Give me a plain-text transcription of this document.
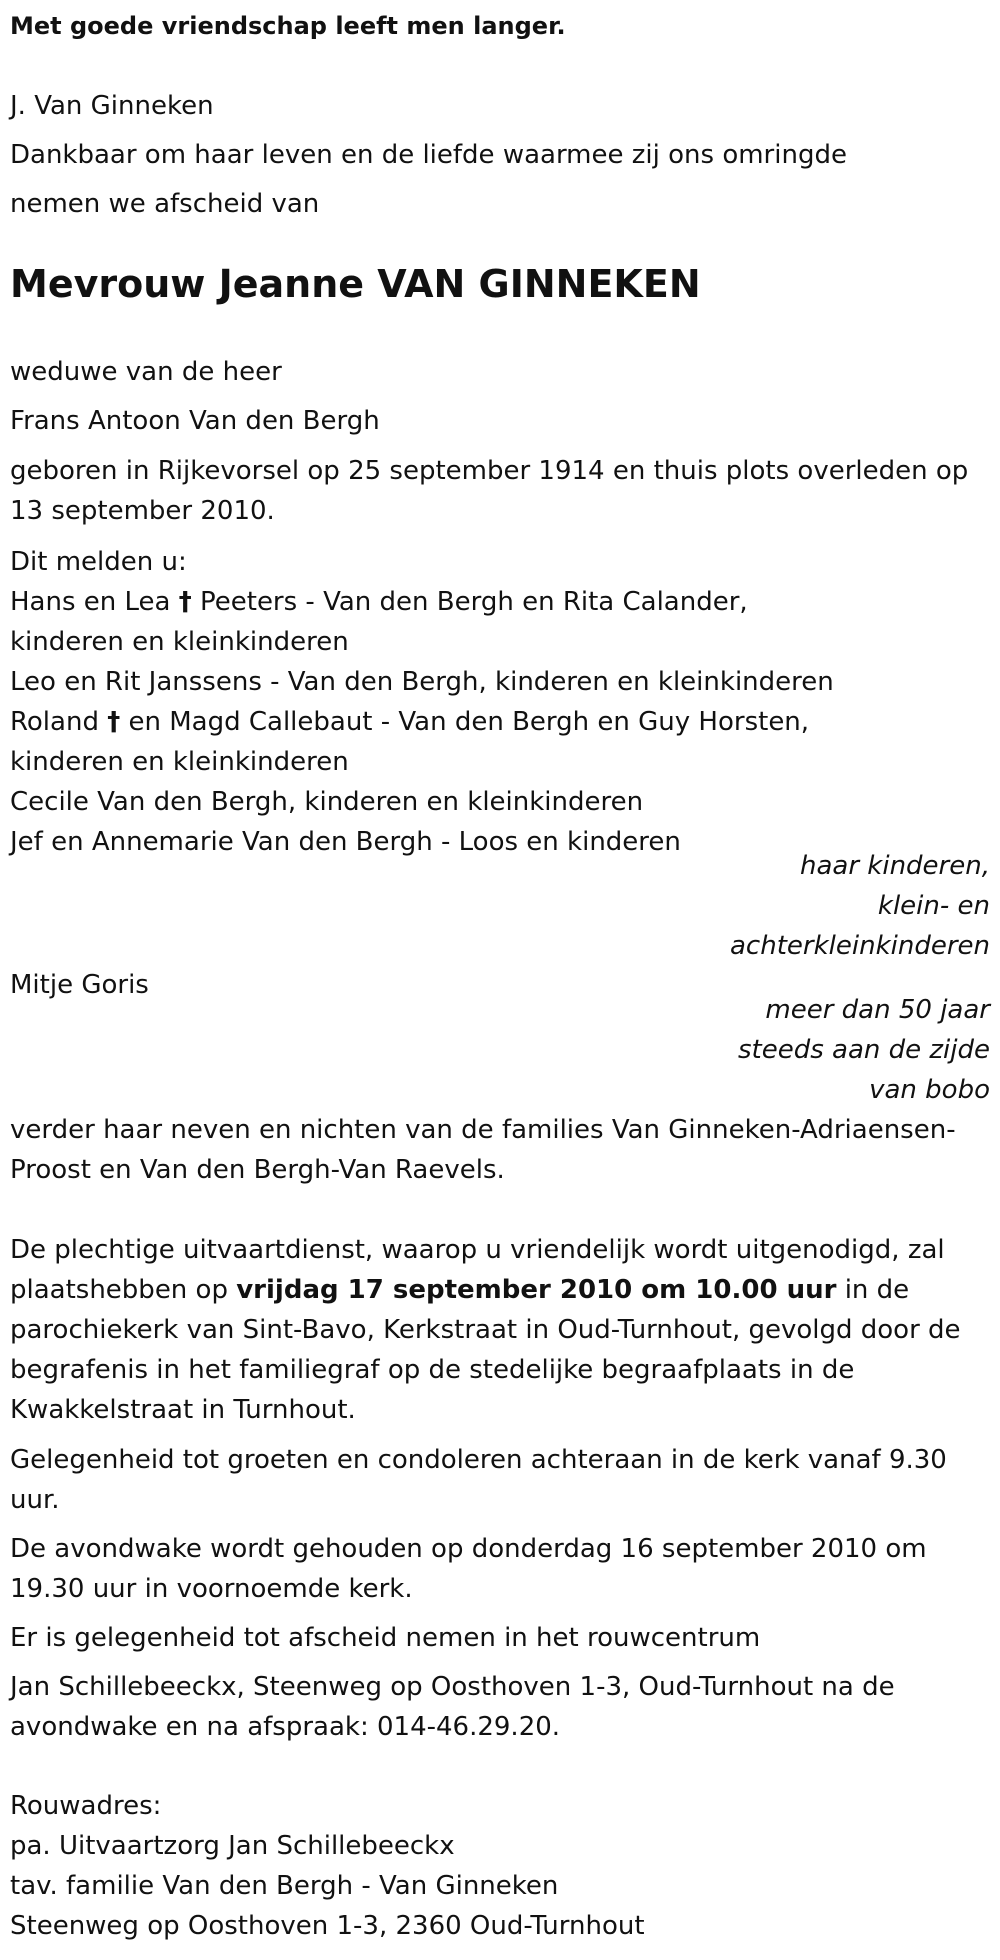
Met goede vriendschap leeft men langer.
J. Van Ginneken
Dankbaar om haar leven en de liefde waarmee zij ons omringde
nemen we afscheid van
Mevrouw Jeanne VAN GINNEKEN
weduwe van de heer
Frans Antoon Van den Bergh
geboren in Rijkevorsel op 25 september 1914 en thuis plots overleden op
13 september 2010.
Dit melden u:
Hans en Lea † Peeters - Van den Bergh en Rita Calander,
kinderen en kleinkinderen
Leo en Rit Janssens - Van den Bergh, kinderen en kleinkinderen
Roland † en Magd Callebaut - Van den Bergh en Guy Horsten,
kinderen en kleinkinderen
Cecile Van den Bergh, kinderen en kleinkinderen
Jef en Annemarie Van den Bergh - Loos en kinderen
haar kinderen,
klein- en
achterkleinkinderen
Mitje Goris
meer dan 50 jaar
steeds aan de zijde
van bobo
verder haar neven en nichten van de families Van Ginneken-Adriaensen-
Proost en Van den Bergh-Van Raevels.
De plechtige uitvaartdienst, waarop u vriendelijk wordt uitgenodigd, zal
plaatshebben op vrijdag 17 september 2010 om 10.00 uur in de
parochiekerk van Sint-Bavo, Kerkstraat in Oud-Turnhout, gevolgd door de
begrafenis in het familiegraf op de stedelijke begraafplaats in de
Kwakkelstraat in Turnhout.
Gelegenheid tot groeten en condoleren achteraan in de kerk vanaf 9.30
uur.
De avondwake wordt gehouden op donderdag 16 september 2010 om
19.30 uur in voornoemde kerk.
Er is gelegenheid tot afscheid nemen in het rouwcentrum
Jan Schillebeeckx, Steenweg op Oosthoven 1-3, Oud-Turnhout na de
avondwake en na afspraak: 014-46.29.20.
Rouwadres:
pa. Uitvaartzorg Jan Schillebeeckx
tav. familie Van den Bergh - Van Ginneken
Steenweg op Oosthoven 1-3, 2360 Oud-Turnhout
